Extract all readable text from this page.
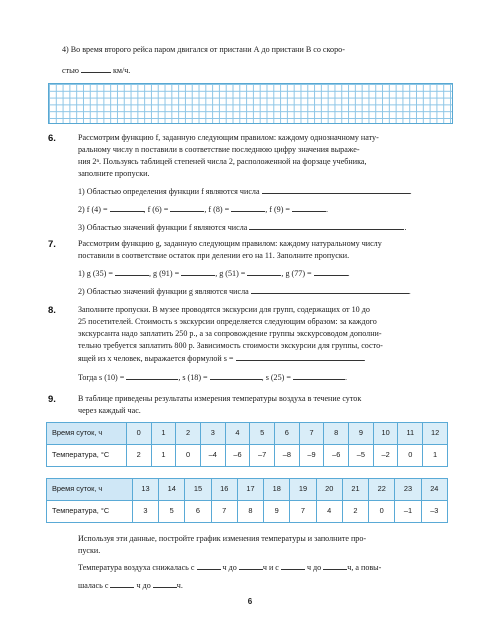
4) Во время второго рейса паром двигался от пристани А до пристани В со скоро-
стью	км/ч.
6.	Рассмотрим функцию f, заданную следующим правилом: каждому однозначному нату-
ральному числу n поставили в соответствие последнюю цифру значения выраже-
ния 2ⁿ. Пользуясь таблицей степеней числа 2, расположенной на форзаце учебника,
заполните пропуски.
1) Областью определения функции f являются числа	.
2) f (4) =	, f (6) =	, f (8) =	, f (9) =	.
3) Областью значений функции f являются числа	.
7.	Рассмотрим функцию g, заданную следующим правилом: каждому натуральному числу
поставили в соответствие остаток при делении его на 11. Заполните пропуски.
1) g (35) =	, g (91) =	, g (51) =	, g (77) =	.
2) Областью значений функции g являются числа	.
8.	Заполните пропуски. В музее проводятся экскурсии для групп, содержащих от 10 до
25 посетителей. Стоимость s экскурсии определяется следующим образом: за каждого
экскурсанта надо заплатить 250 р., а за сопровождение группы экскурсоводом дополни-
тельно требуется заплатить 800 р. Зависимость стоимости экскурсии для группы, состо-
ящей из x человек, выражается формулой s =	.
Тогда s (10) =	, s (18) =	, s (25) =	.
9.	В таблице приведены результаты измерения температуры воздуха в течение суток
через каждый час.
Время суток, ч	0	1	2	3	4	5	6	7	8	9	10	11	12
Температура, °С	2	1	0	–4	–6	–7	–8	–9	–6	–5	–2	0	1
Время суток, ч	13	14	15	16	17	18	19	20	21	22	23	24
Температура, °С	3	5	6	7	8	9	7	4	2	0	–1	–3
Используя эти данные, постройте график изменения температуры и заполните про-
пуски.
Температура воздуха снижалась с	ч до	ч и с	ч до	ч, а повы-
шалась с	ч до	ч.
6
